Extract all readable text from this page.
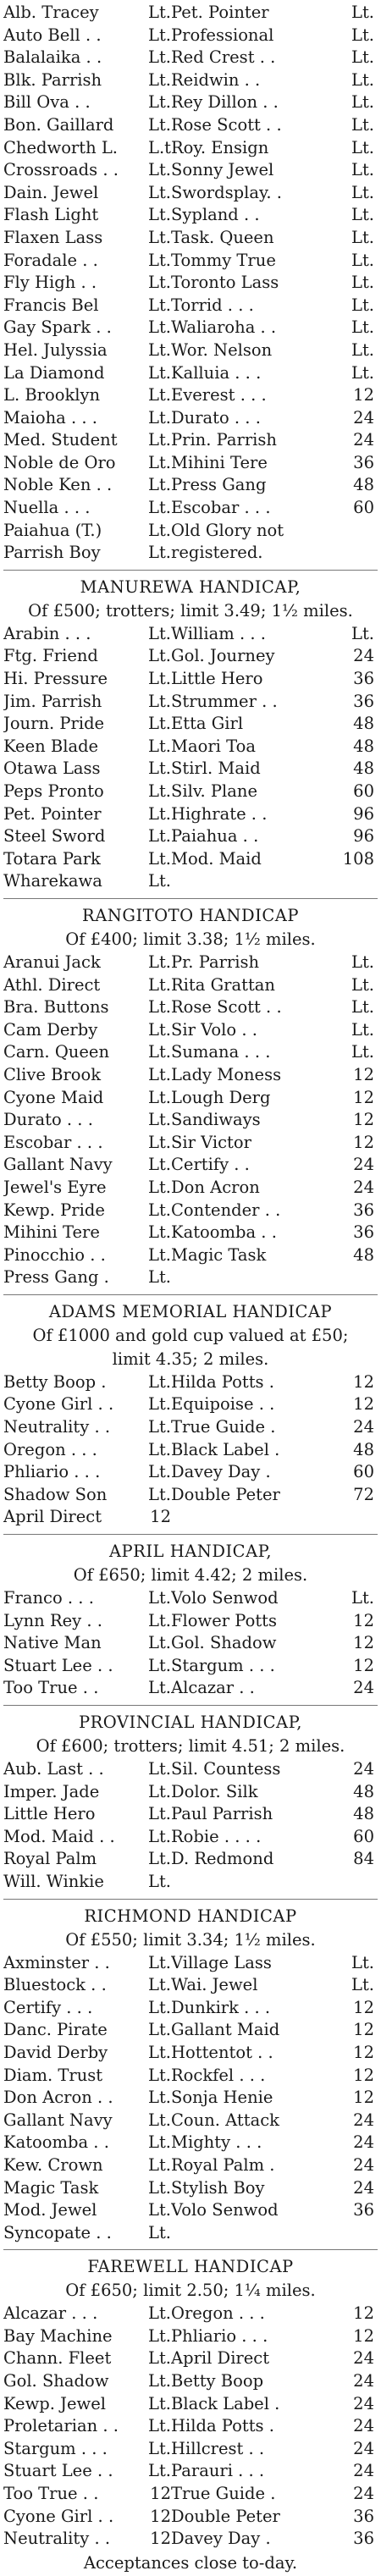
Alb. Tracey	Lt. Pet. Pointer	Lt.
Auto Bell . .	Lt. Professional	Lt.
Balalaika . .	Lt. Red Crest . .	Lt.
Blk. Parrish	Lt. Reidwin . .	Lt.
Bill Ova . .	Lt. Rey Dillon . .	Lt.
Bon. Gaillard	Lt. Rose Scott . .	Lt.
Chedworth L.	L.t Roy. Ensign	Lt.
Crossroads . .	Lt. Sonny Jewel	Lt.
Dain. Jewel	Lt. Swordsplay. .	Lt.
Flash Light	Lt. Sypland . .	Lt.
Flaxen Lass	Lt. Task. Queen	Lt.
Foradale . .	Lt. Tommy True	Lt.
Fly High . .	Lt. Toronto Lass	Lt.
Francis Bel	Lt. Torrid . . .	Lt.
Gay Spark . .	Lt. Waliaroha . .	Lt.
Hel. Julyssia	Lt. Wor. Nelson	Lt.
La Diamond	Lt. Kalluia . . .	Lt.
L. Brooklyn	Lt. Everest . . .	12
Maioha . . .	Lt. Durato . . .	24
Med. Student	Lt. Prin. Parrish	24
Noble de Oro	Lt. Mihini Tere	36
Noble Ken . .	Lt. Press Gang	48
Nuella . . .	Lt. Escobar . . .	60
Paiahua (T.)	Lt. Old Glory not
Parrish Boy	Lt. registered.
MANUREWA HANDICAP,
Of £500; trotters; limit 3.49; 1½ miles.
Arabin . . .	Lt. William . . .	Lt.
Ftg. Friend	Lt. Gol. Journey	24
Hi. Pressure	Lt. Little Hero	36
Jim. Parrish	Lt. Strummer . .	36
Journ. Pride	Lt. Etta Girl	48
Keen Blade	Lt. Maori Toa	48
Otawa Lass	Lt. Stirl. Maid	48
Peps Pronto	Lt. Silv. Plane	60
Pet. Pointer	Lt. Highrate . .	96
Steel Sword	Lt. Paiahua . .	96
Totara Park	Lt. Mod. Maid	108
Wharekawa	Lt.
RANGITOTO HANDICAP
Of £400; limit 3.38; 1½ miles.
Aranui Jack	Lt. Pr. Parrish	Lt.
Athl. Direct	Lt. Rita Grattan	Lt.
Bra. Buttons	Lt. Rose Scott . .	Lt.
Cam Derby	Lt. Sir Volo . .	Lt.
Carn. Queen	Lt. Sumana . . .	Lt.
Clive Brook	Lt. Lady Moness	12
Cyone Maid	Lt. Lough Derg	12
Durato . . .	Lt. Sandiways	12
Escobar . . .	Lt. Sir Victor	12
Gallant Navy	Lt. Certify . .	24
Jewel's Eyre	Lt. Don Acron	24
Kewp. Pride	Lt. Contender . .	36
Mihini Tere	Lt. Katoomba . .	36
Pinocchio . .	Lt. Magic Task	48
Press Gang .	Lt.
ADAMS MEMORIAL HANDICAP
Of £1000 and gold cup valued at £50;
limit 4.35; 2 miles.
Betty Boop .	Lt. Hilda Potts .	12
Cyone Girl . .	Lt. Equipoise . .	12
Neutrality . .	Lt. True Guide .	24
Oregon . . .	Lt. Black Label .	48
Phliario . . .	Lt. Davey Day .	60
Shadow Son	Lt. Double Peter	72
April Direct	12
APRIL HANDICAP,
Of £650; limit 4.42; 2 miles.
Franco . . .	Lt. Volo Senwod	Lt.
Lynn Rey . .	Lt. Flower Potts	12
Native Man	Lt. Gol. Shadow	12
Stuart Lee . .	Lt. Stargum . . .	12
Too True . .	Lt. Alcazar . .	24
PROVINCIAL HANDICAP,
Of £600; trotters; limit 4.51; 2 miles.
Aub. Last . .	Lt. Sil. Countess	24
Imper. Jade	Lt. Dolor. Silk	48
Little Hero	Lt. Paul Parrish	48
Mod. Maid . .	Lt. Robie . . . .	60
Royal Palm	Lt. D. Redmond	84
Will. Winkie	Lt.
RICHMOND HANDICAP
Of £550; limit 3.34; 1½ miles.
Axminster . .	Lt. Village Lass	Lt.
Bluestock . .	Lt. Wai. Jewel	Lt.
Certify . . .	Lt. Dunkirk . . .	12
Danc. Pirate	Lt. Gallant Maid	12
David Derby	Lt. Hottentot . .	12
Diam. Trust	Lt. Rockfel . . .	12
Don Acron . .	Lt. Sonja Henie	12
Gallant Navy	Lt. Coun. Attack	24
Katoomba . .	Lt. Mighty . . .	24
Kew. Crown	Lt. Royal Palm .	24
Magic Task	Lt. Stylish Boy	24
Mod. Jewel	Lt. Volo Senwod	36
Syncopate . .	Lt.
FAREWELL HANDICAP
Of £650; limit 2.50; 1¼ miles.
Alcazar . . .	Lt. Oregon . . .	12
Bay Machine	Lt. Phliario . . .	12
Chann. Fleet	Lt. April Direct	24
Gol. Shadow	Lt. Betty Boop	24
Kewp. Jewel	Lt. Black Label .	24
Proletarian . .	Lt. Hilda Potts .	24
Stargum . . .	Lt. Hillcrest . .	24
Stuart Lee . .	Lt. Parauri . . .	24
Too True . .	12 True Guide .	24
Cyone Girl . .	12 Double Peter	36
Neutrality . .	12 Davey Day .	36
Acceptances close to-day.
